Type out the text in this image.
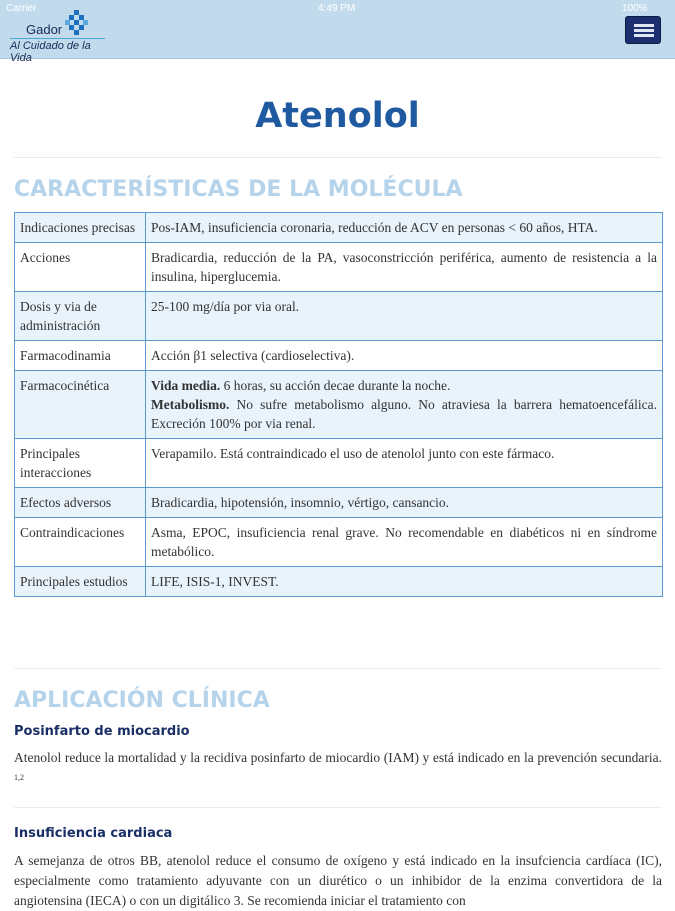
Carrier	4:49 PM	100%
Gador
Al Cuidado de la Vida
Atenolol
CARACTERÍSTICAS DE LA MOLÉCULA
Indicaciones precisas	Pos-IAM, insuficiencia coronaria, reducción de ACV en personas < 60 años, HTA.
Acciones	Bradicardia, reducción de la PA, vasoconstricción periférica, aumento de resistencia a la insulina, hiperglucemia.
Dosis y via de administración	25-100 mg/día por via oral.
Farmacodinamia	Acción β1 selectiva (cardioselectiva).
Farmacocinética	Vida media. 6 horas, su acción decae durante la noche.
Metabolismo. No sufre metabolismo alguno. No atraviesa la barrera hematoencefálica. Excreción 100% por via renal.
Principales interacciones	Verapamilo. Está contraindicado el uso de atenolol junto con este fármaco.
Efectos adversos	Bradicardia, hipotensión, insomnio, vértigo, cansancio.
Contraindicaciones	Asma, EPOC, insuficiencia renal grave. No recomendable en diabéticos ni en síndrome metabólico.
Principales estudios	LIFE, ISIS-1, INVEST.
APLICACIÓN CLÍNICA
Posinfarto de miocardio
Atenolol reduce la mortalidad y la recidiva posinfarto de miocardio (IAM) y está indicado en la prevención secundaria. $^{1,2}$
Insuficiencia cardiaca
A semejanza de otros BB, atenolol reduce el consumo de oxígeno y está indicado en la insufciencia cardíaca (IC), especialmente como tratamiento adyuvante con un diurético o un inhibidor de la enzima convertidora de la angiotensina (IECA) o con un digitálico 3. Se recomienda iniciar el tratamiento con
